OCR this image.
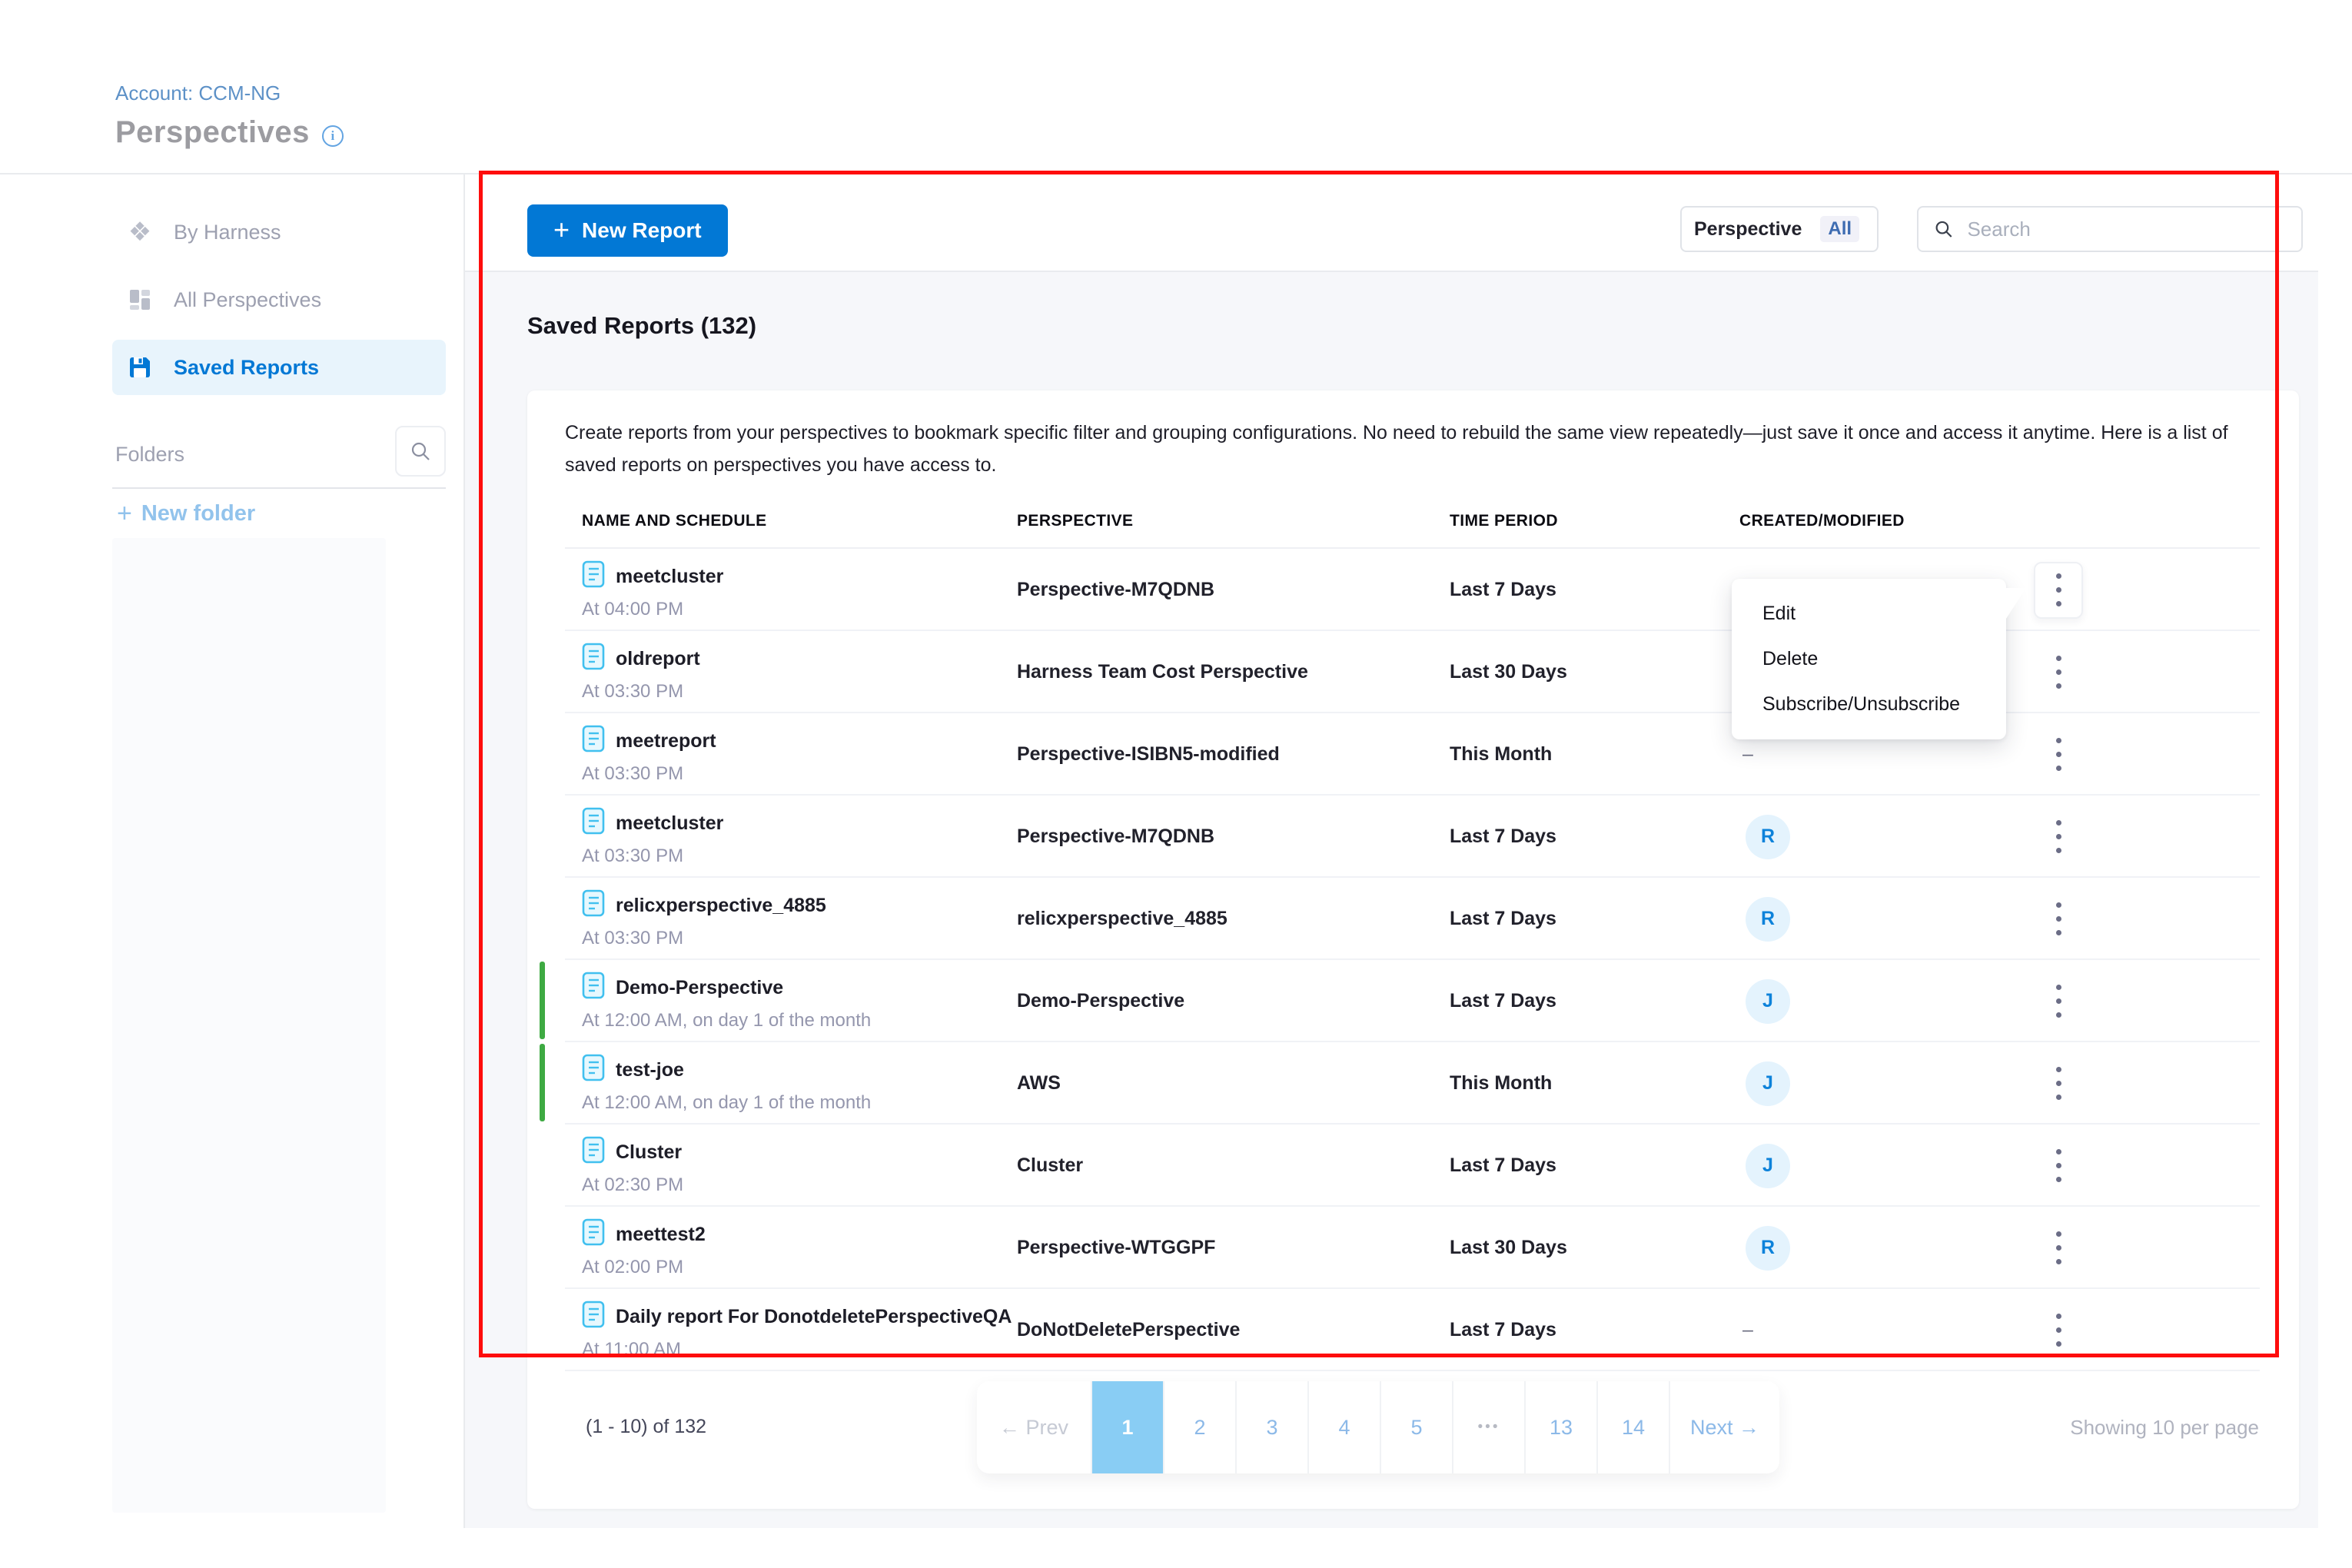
Account: CCM-NG
Perspectives	i
❖ By Harness
All Perspectives
Saved Reports
Folders
+ New folder
+ New Report	Perspective	All
Search
Saved Reports (132)
Create reports from your perspectives to bookmark specific filter and grouping configurations. No need to rebuild the same view repeatedly—just save it once and access it anytime. Here is a list of saved reports on perspectives you have access to.
NAME AND SCHEDULE	PERSPECTIVE	TIME PERIOD	CREATED/MODIFIED
meetcluster
At 04:00 PM
Perspective-M7QDNB	Last 7 Days
oldreport
At 03:30 PM
Harness Team Cost Perspective	Last 30 Days
meetreport
At 03:30 PM
Perspective-ISIBN5-modified	This Month	–
meetcluster
At 03:30 PM
Perspective-M7QDNB	Last 7 Days	R
relicxperspective_4885
At 03:30 PM
relicxperspective_4885	Last 7 Days	R
Demo-Perspective
At 12:00 AM, on day 1 of the month
Demo-Perspective	Last 7 Days	J
test-joe
At 12:00 AM, on day 1 of the month
AWS	This Month	J
Cluster
At 02:30 PM
Cluster	Last 7 Days	J
meettest2
At 02:00 PM
Perspective-WTGGPF	Last 30 Days	R
Daily report For DonotdeletePerspectiveQA
At 11:00 AM
DoNotDeletePerspective	Last 7 Days	–
Edit
Delete
Subscribe/Unsubscribe
(1 - 10) of 132	← Prev	1	2	3	4	5	•••	13	14	Next →	Showing 10 per page
